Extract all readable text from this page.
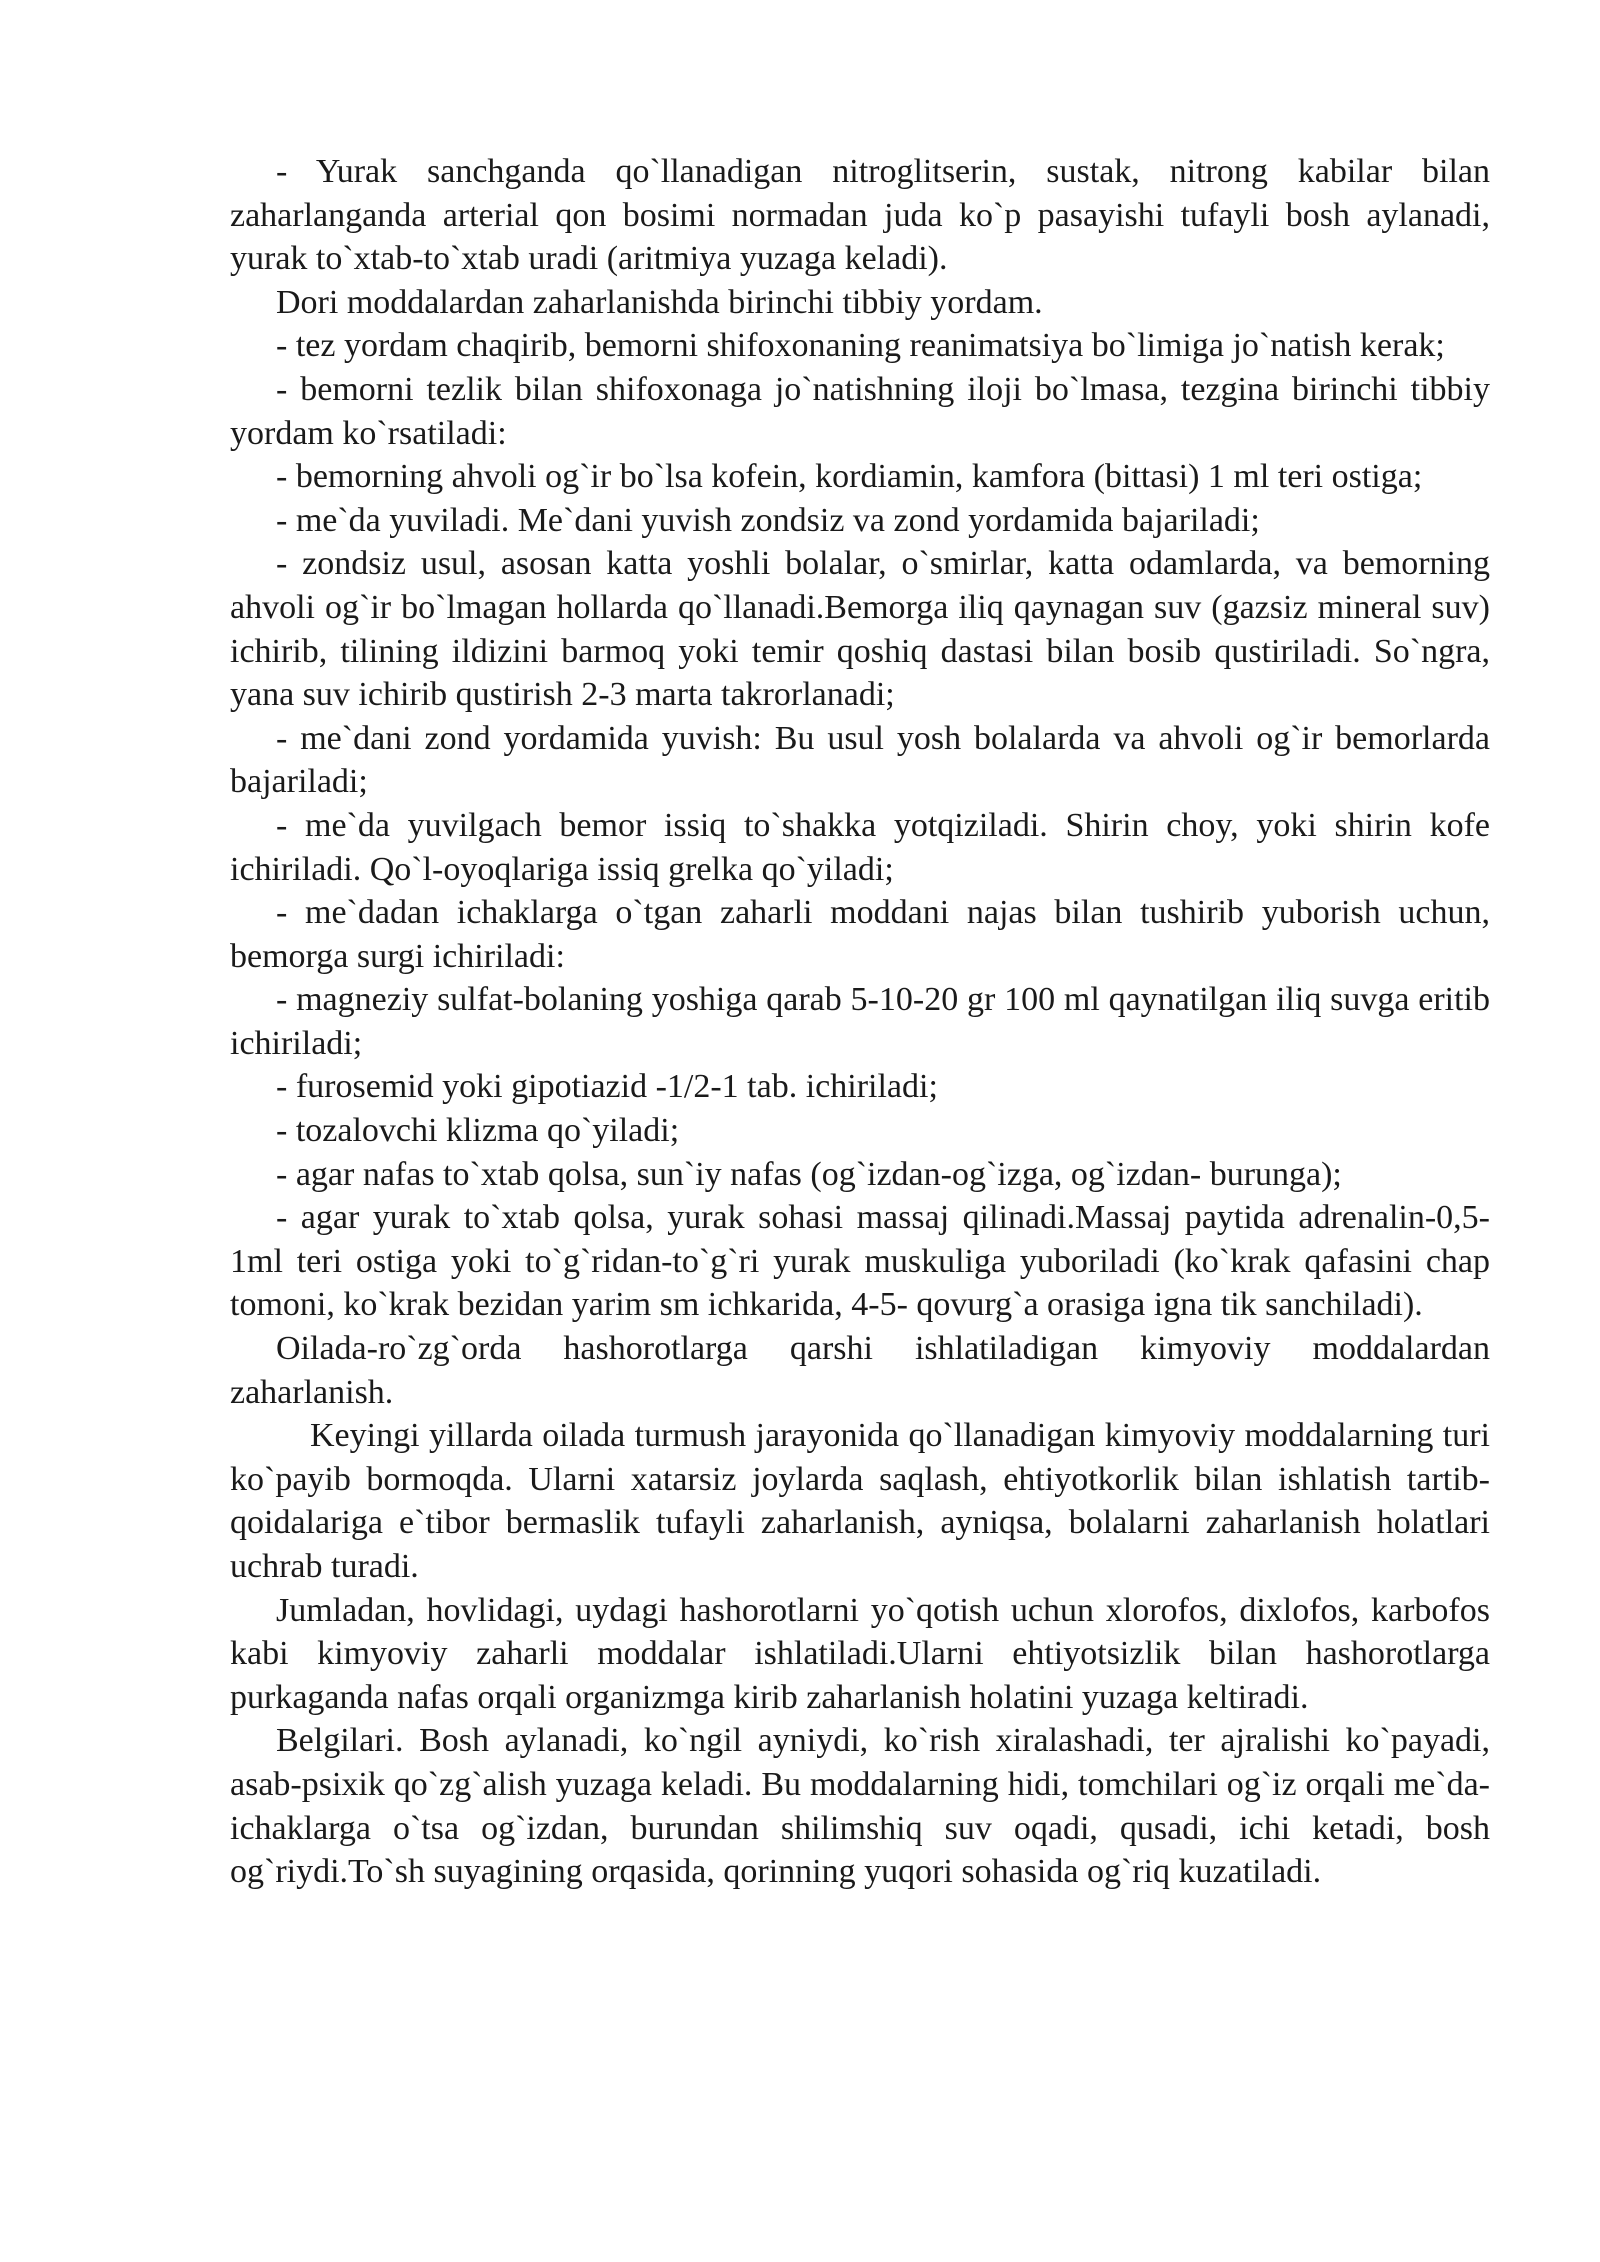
- Yurak sanchganda qo`llanadigan nitroglitserin, sustak, nitrong kabilar bilan zaharlanganda arterial qon bosimi normadan juda ko`p pasayishi tufayli bosh aylanadi, yurak to`xtab-to`xtab uradi (aritmiya yuzaga keladi).

Dori moddalardan zaharlanishda birinchi tibbiy yordam.

- tez yordam chaqirib, bemorni shifoxonaning reanimatsiya bo`limiga jo`natish kerak;

- bemorni tezlik bilan shifoxonaga jo`natishning iloji bo`lmasa, tezgina birinchi tibbiy yordam ko`rsatiladi:

- bemorning ahvoli og`ir bo`lsa kofein, kordiamin, kamfora (bittasi) 1 ml teri ostiga;

- me`da yuviladi. Me`dani yuvish zondsiz va zond yordamida bajariladi;

- zondsiz usul, asosan katta yoshli bolalar, o`smirlar, katta odamlarda, va bemorning ahvoli og`ir bo`lmagan hollarda qo`llanadi.Bemorga iliq qaynagan suv (gazsiz mineral suv) ichirib, tilining ildizini barmoq yoki temir qoshiq dastasi bilan bosib qustiriladi. So`ngra, yana suv ichirib qustirish 2-3 marta takrorlanadi;

- me`dani zond yordamida yuvish: Bu usul yosh bolalarda va ahvoli og`ir bemorlarda bajariladi;

- me`da yuvilgach bemor issiq to`shakka yotqiziladi. Shirin choy, yoki shirin kofe ichiriladi. Qo`l-oyoqlariga issiq grelka qo`yiladi;

- me`dadan ichaklarga o`tgan zaharli moddani najas bilan tushirib yuborish uchun, bemorga surgi ichiriladi:

- magneziy sulfat-bolaning yoshiga qarab 5-10-20 gr 100 ml qaynatilgan iliq suvga eritib ichiriladi;

- furosemid yoki gipotiazid -1/2-1 tab. ichiriladi;

- tozalovchi klizma qo`yiladi;

- agar nafas to`xtab qolsa, sun`iy nafas (og`izdan-og`izga, og`izdan- burunga);

- agar yurak to`xtab qolsa, yurak sohasi massaj qilinadi.Massaj paytida adrenalin-0,5-1ml teri ostiga yoki to`g`ridan-to`g`ri yurak muskuliga yuboriladi (ko`krak qafasini chap tomoni, ko`krak bezidan yarim sm ichkarida, 4-5- qovurg`a orasiga igna tik sanchiladi).

Oilada-ro`zg`orda hashorotlarga qarshi ishlatiladigan kimyoviy moddalardan zaharlanish.

Keyingi yillarda oilada turmush jarayonida qo`llanadigan kimyoviy moddalarning turi ko`payib bormoqda. Ularni xatarsiz joylarda saqlash, ehtiyotkorlik bilan ishlatish tartib-qoidalariga e`tibor bermaslik tufayli zaharlanish, ayniqsa, bolalarni zaharlanish holatlari uchrab turadi.

Jumladan, hovlidagi, uydagi hashorotlarni yo`qotish uchun xlorofos, dixlofos, karbofos kabi kimyoviy zaharli moddalar ishlatiladi.Ularni ehtiyotsizlik bilan hashorotlarga purkaganda nafas orqali organizmga kirib zaharlanish holatini yuzaga keltiradi.

Belgilari. Bosh aylanadi, ko`ngil ayniydi, ko`rish xiralashadi, ter ajralishi ko`payadi, asab-psixik qo`zg`alish yuzaga keladi. Bu moddalarning hidi, tomchilari og`iz orqali me`da-ichaklarga o`tsa og`izdan, burundan shilimshiq suv oqadi, qusadi, ichi ketadi, bosh og`riydi.To`sh suyagining orqasida, qorinning yuqori sohasida og`riq kuzatiladi.
